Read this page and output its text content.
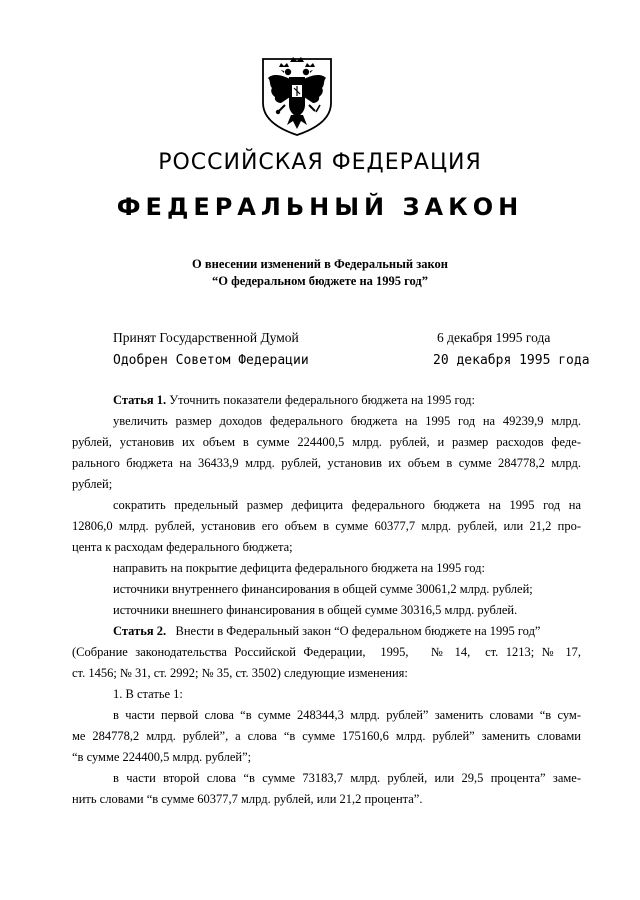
РОССИЙСКАЯ ФЕДЕРАЦИЯ
ФЕДЕРАЛЬНЫЙ ЗАКОН
О внесении изменений в Федеральный закон
“О федеральном бюджете на 1995 год”
Принят Государственной Думой	6 декабря 1995 года
Одобрен Советом Федерации	20 декабря 1995 года

Статья 1. Уточнить показатели федерального бюджета на 1995 год:

увеличить размер доходов федерального бюджета на 1995 год на 49239,9 млрд.

рублей, установив их объем в сумме 224400,5 млрд. рублей, и размер расходов феде-

рального бюджета на 36433,9 млрд. рублей, установив их объем в сумме 284778,2 млрд.

рублей;

сократить предельный размер дефицита федерального бюджета на 1995 год на

12806,0 млрд. рублей, установив его объем в сумме 60377,7 млрд. рублей, или 21,2 про-

цента к расходам федерального бюджета;

направить на покрытие дефицита федерального бюджета на 1995 год:

источники внутреннего финансирования в общей сумме 30061,2 млрд. рублей;

источники внешнего финансирования в общей сумме 30316,5 млрд. рублей.

Статья 2.   Внести в Федеральный закон “О федеральном бюджете на 1995 год”

(Собрание законодательства Российской Федерации,  1995,   № 14,  ст. 1213; № 17,

ст. 1456; № 31, ст. 2992; № 35, ст. 3502) следующие изменения:

1. В статье 1:

в части первой слова “в сумме 248344,3 млрд. рублей” заменить словами “в сум-

ме 284778,2 млрд. рублей”, а слова “в сумме 175160,6 млрд. рублей” заменить словами

“в сумме 224400,5 млрд. рублей”;

в части второй слова “в сумме 73183,7 млрд. рублей, или 29,5 процента” заме-

нить словами “в сумме 60377,7 млрд. рублей, или 21,2 процента”.
